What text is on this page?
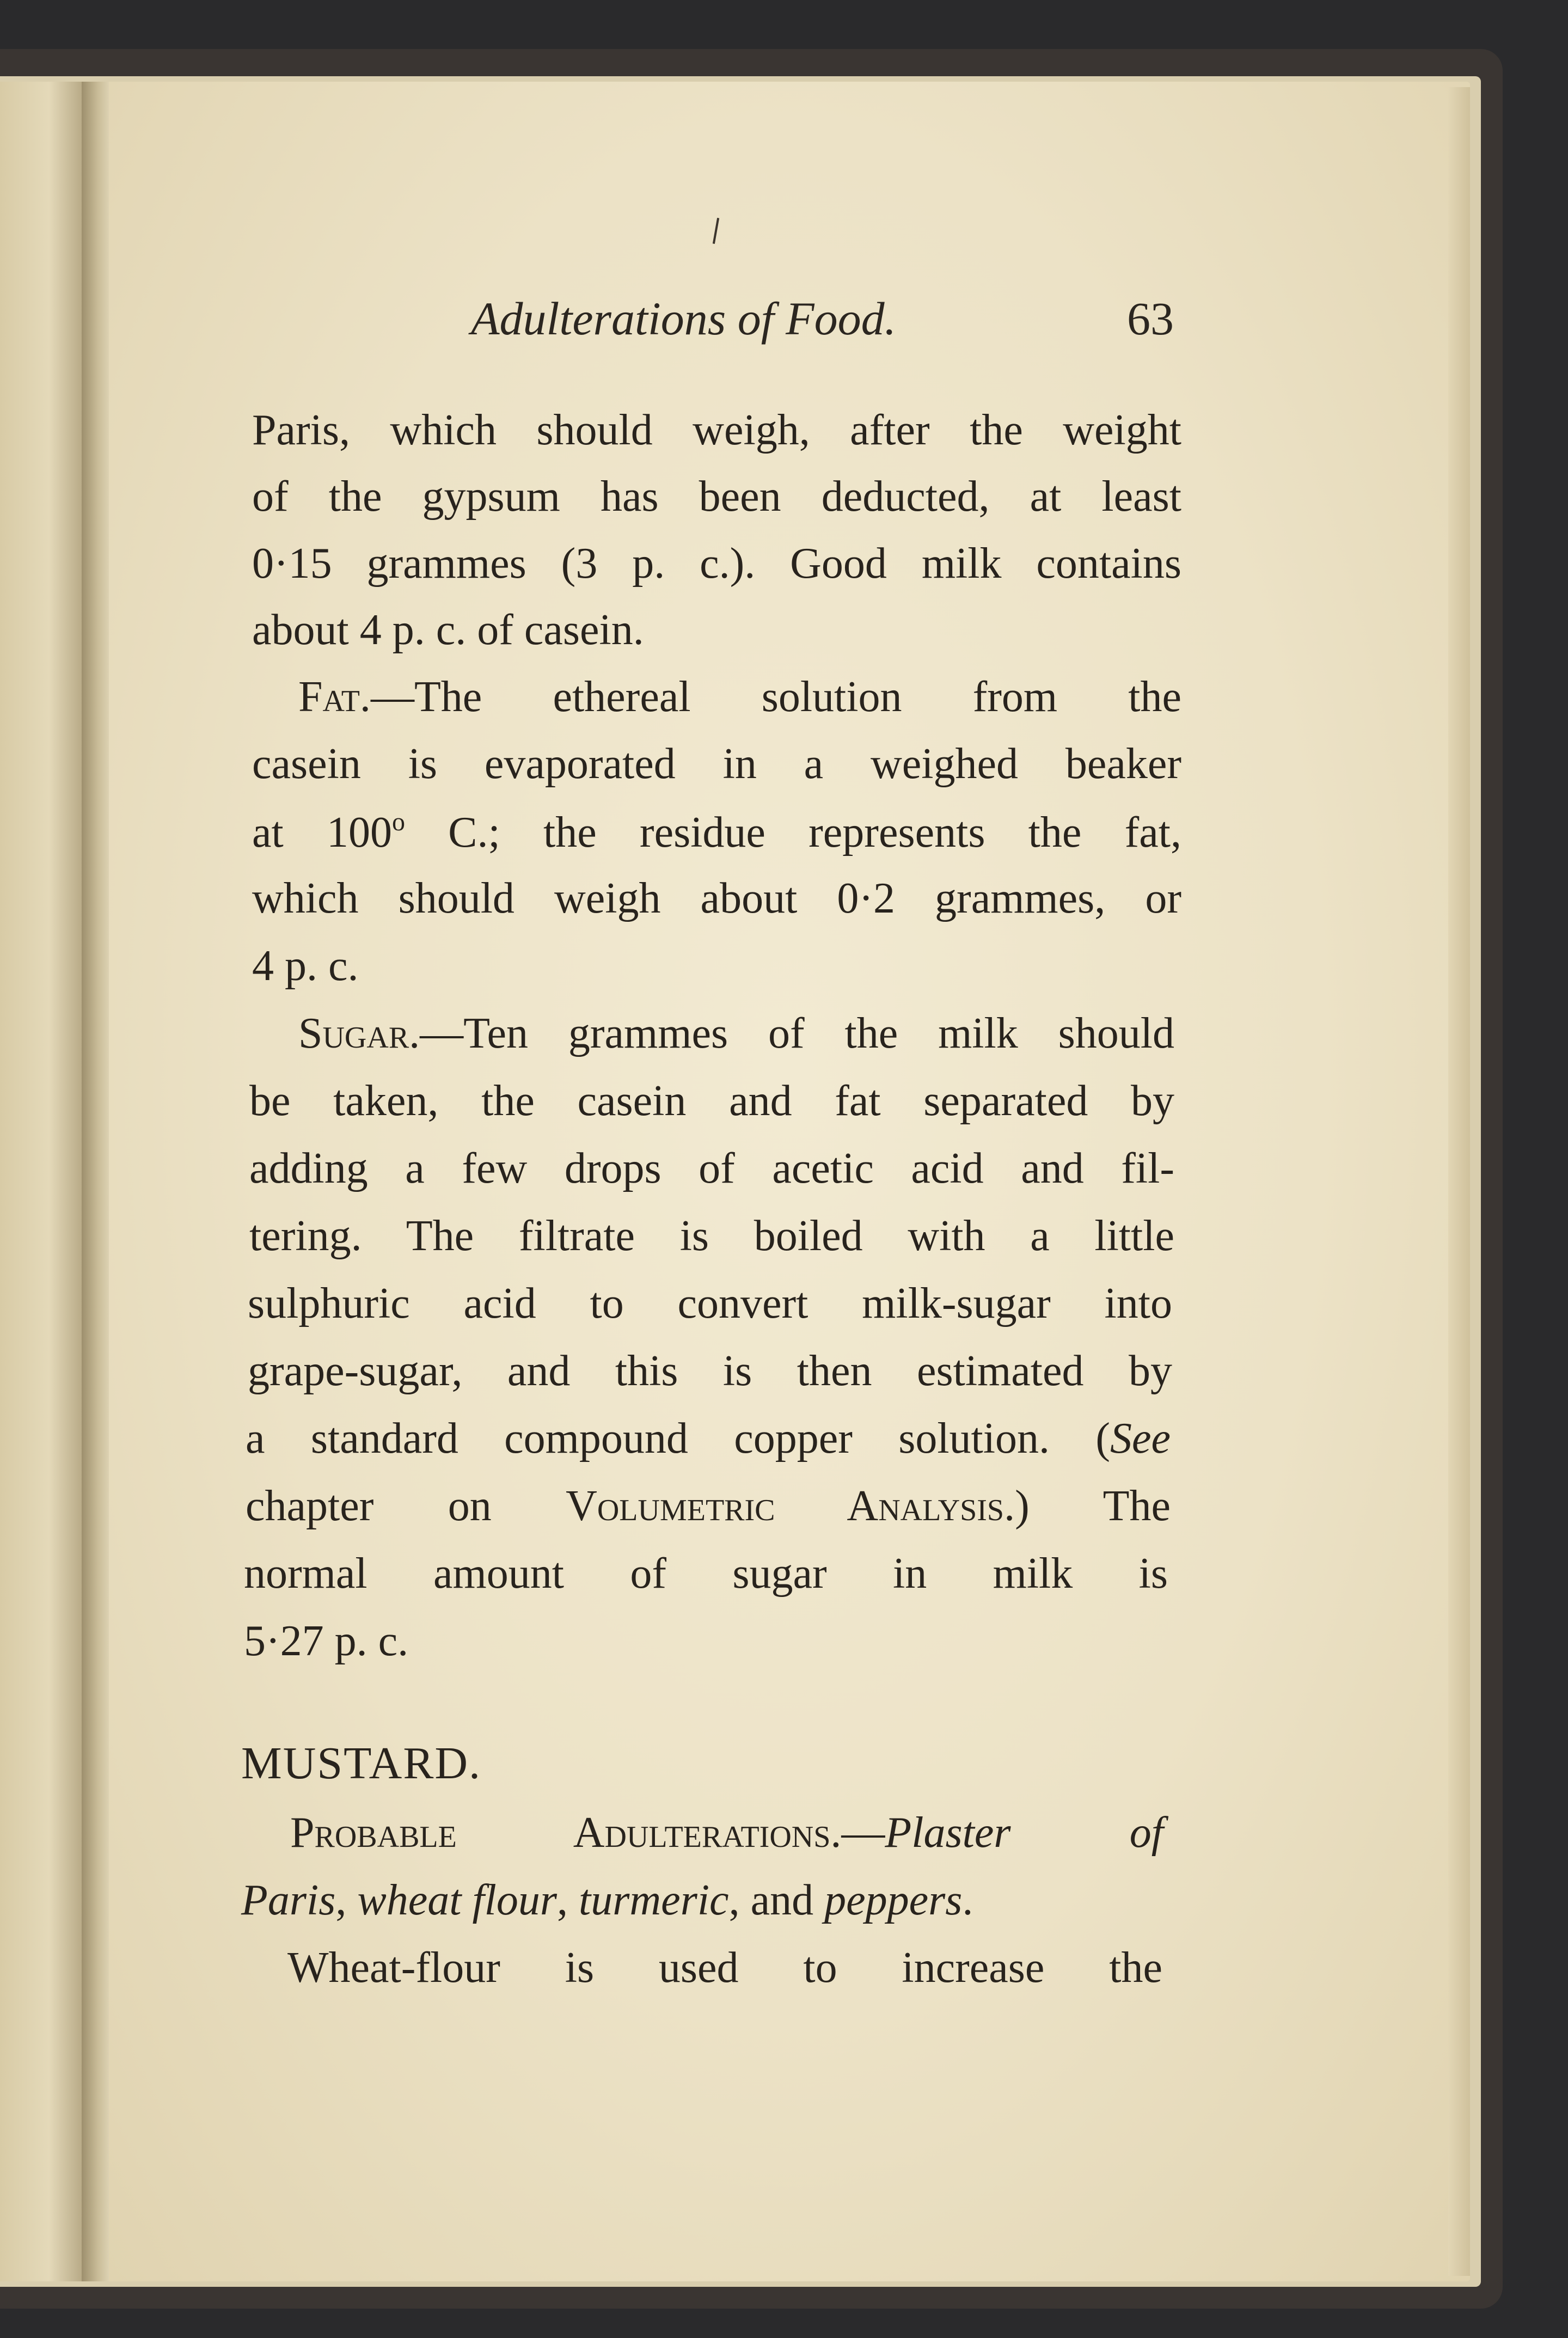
Adulterations of Food.	63
Paris, which should weigh, after the weight
of the gypsum has been deducted, at least
0·15 grammes (3 p. c.). Good milk contains
about 4 p. c. of casein.
Fat.—The ethereal solution from the
casein is evaporated in a weighed beaker
at 100$^o$ C.; the residue represents the fat,
which should weigh about 0·2 grammes, or
4 p. c.
Sugar.—Ten grammes of the milk should
be taken, the casein and fat separated by
adding a few drops of acetic acid and fil-
tering. The filtrate is boiled with a little
sulphuric acid to convert milk-sugar into
grape-sugar, and this is then estimated by
a standard compound copper solution. (See
chapter on Volumetric Analysis.) The
normal amount of sugar in milk is
5·27 p. c.
MUSTARD.
Probable Adulterations.—Plaster of
Paris, wheat flour, turmeric, and peppers.
Wheat-flour is used to increase the
